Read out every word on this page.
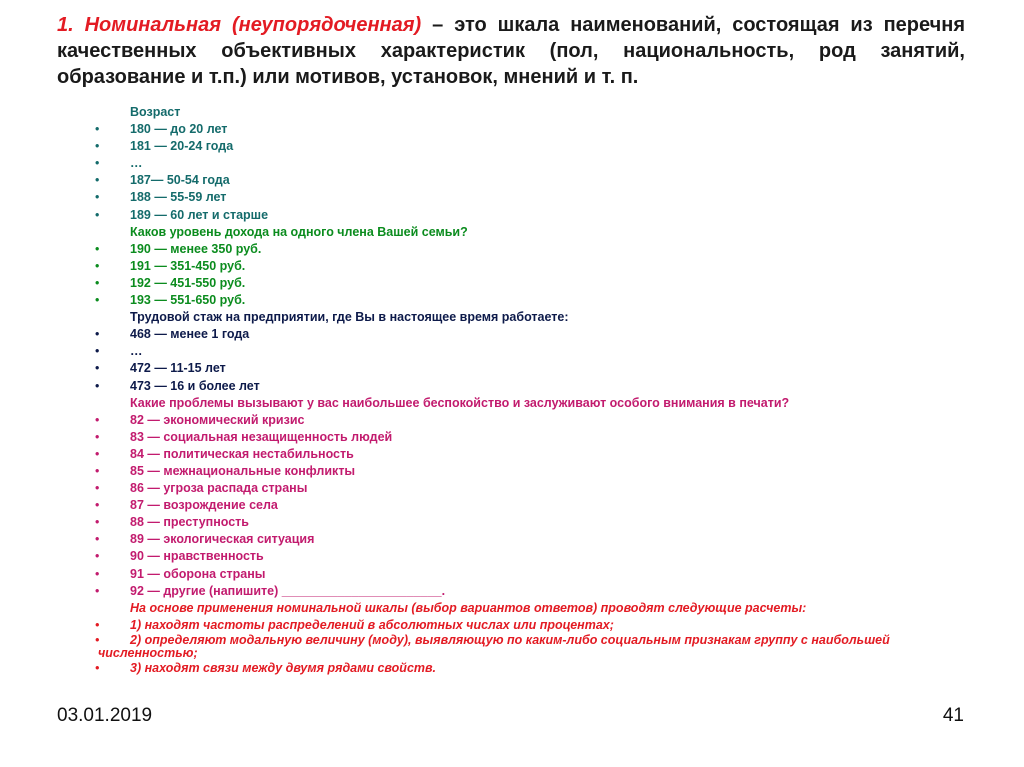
1. Номинальная (неупорядоченная) – это шкала наименований, состоящая из перечня качественных объективных характеристик (пол, национальность, род занятий, образование и т.п.) или мотивов, установок, мнений и т. п.
Возраст
• 180 — до 20 лет
• 181 — 20-24 года
• …
• 187— 50-54 года
• 188 — 55-59 лет
• 189 — 60 лет и старше
Каков уровень дохода на одного члена Вашей семьи?
• 190 — менее 350 руб.
• 191 — 351-450 руб.
• 192 — 451-550 руб.
• 193 — 551-650 руб.
Трудовой стаж на предприятии, где Вы в настоящее время работаете:
• 468 — менее 1 года
• …
• 472 — 11-15 лет
• 473 — 16 и более лет
Какие проблемы вызывают у вас наибольшее беспокойство и заслуживают особого внимания в печати?
• 82 — экономический кризис
• 83 — социальная незащищенность людей
• 84 — политическая нестабильность
• 85 — межнациональные конфликты
• 86 — угроза распада страны
• 87 — возрождение села
• 88 — преступность
• 89 — экологическая ситуация
• 90 — нравственность
• 91 — оборона страны
• 92 — другие (напишите) _______________________.
На основе применения номинальной шкалы (выбор вариантов ответов) проводят следующие расчеты:
• 1) находят частоты распределений в абсолютных числах или процентах;
•	2) определяют модальную величину (моду), выявляющую по каким-либо социальным признакам группу с наибольшей численностью;
• 3) находят связи между двумя рядами свойств.
03.01.2019	41
